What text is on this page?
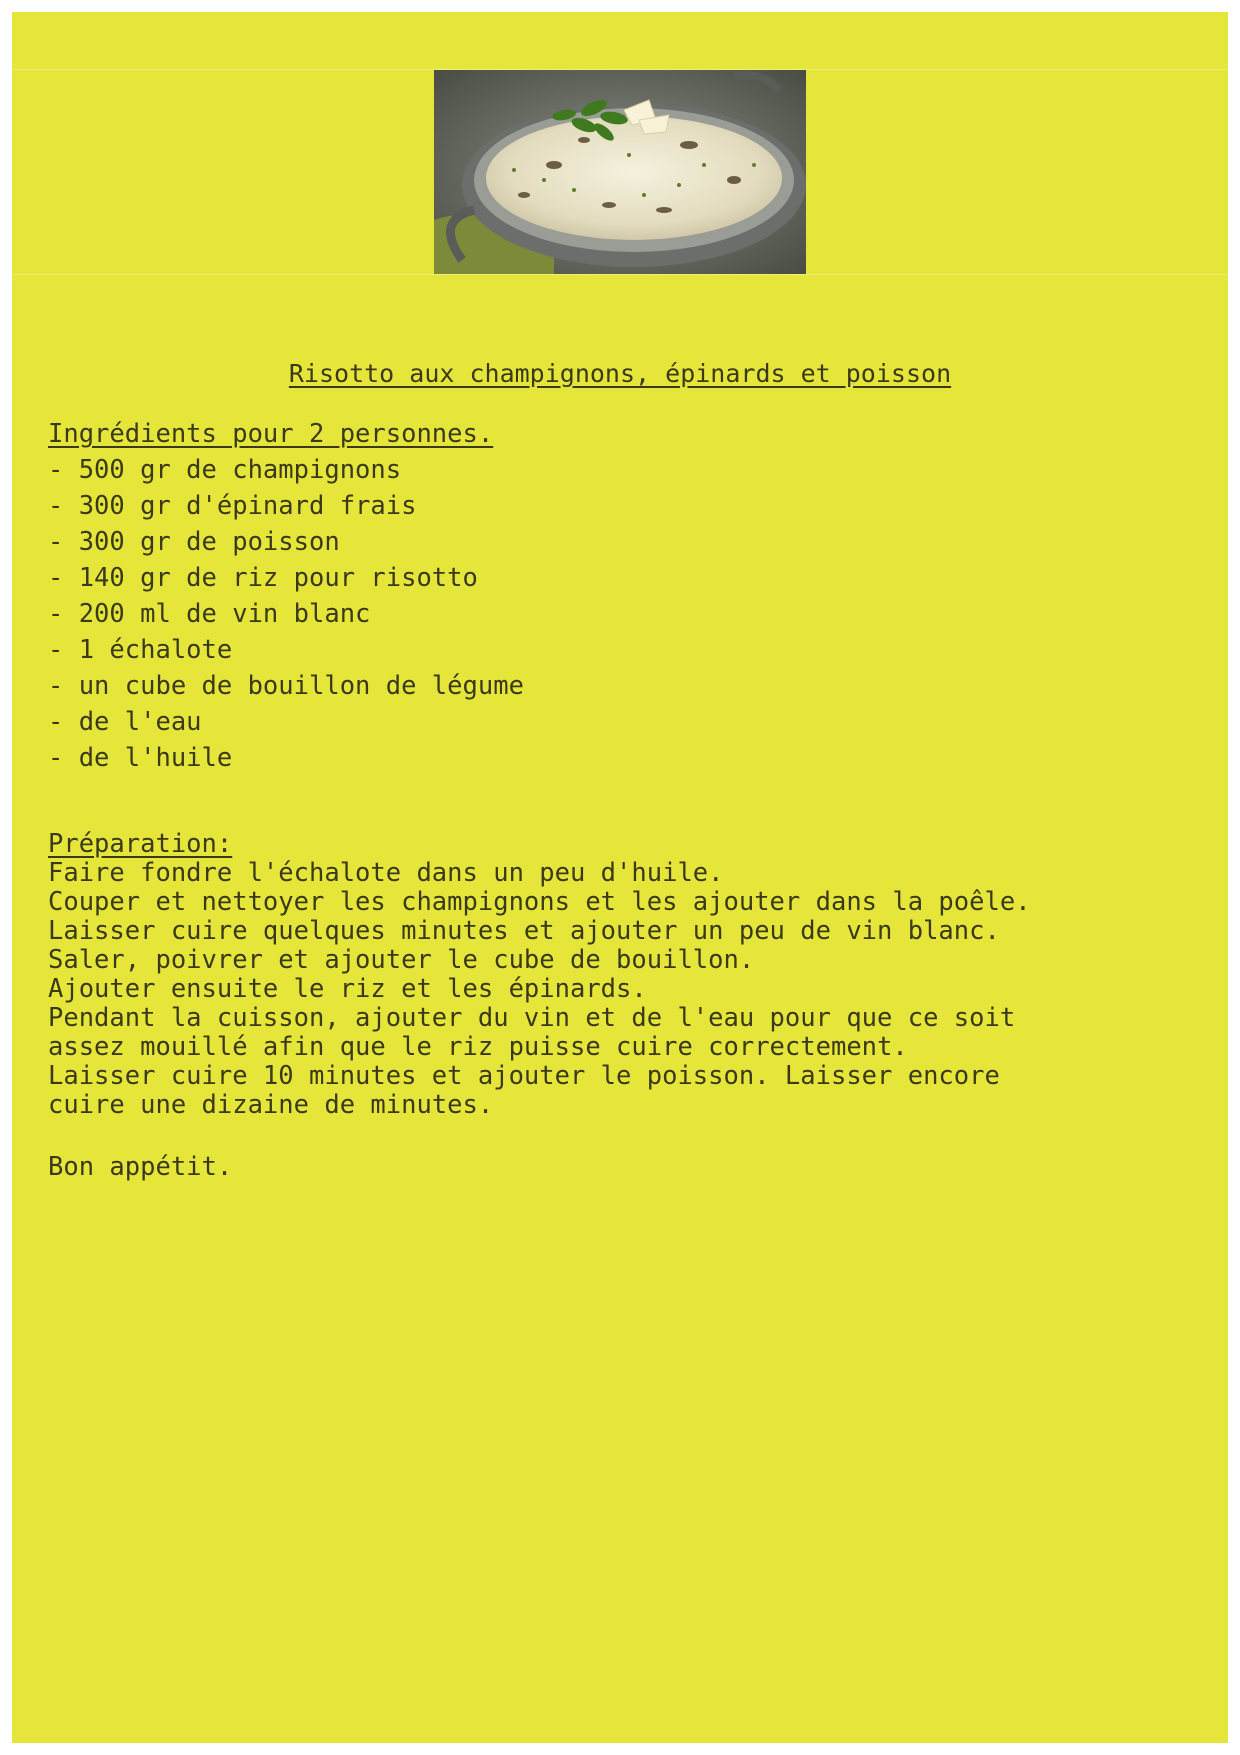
Risotto aux champignons, épinards et poisson
Ingrédients pour 2 personnes.
- 500 gr de champignons
- 300 gr d'épinard frais
- 300 gr de poisson
- 140 gr de riz pour risotto
- 200 ml de vin blanc
- 1 échalote
- un cube de bouillon de légume
- de l'eau
- de l'huile
Préparation:
Faire fondre l'échalote dans un peu d'huile.
Couper et nettoyer les champignons et les ajouter dans la poêle.
Laisser cuire quelques minutes et ajouter un peu de vin blanc.
Saler, poivrer et ajouter le cube de bouillon.
Ajouter ensuite le riz et les épinards.
Pendant la cuisson, ajouter du vin et de l'eau pour que ce soit
assez mouillé afin que le riz puisse cuire correctement.
Laisser cuire 10 minutes et ajouter le poisson. Laisser encore
cuire une dizaine de minutes.
Bon appétit.
